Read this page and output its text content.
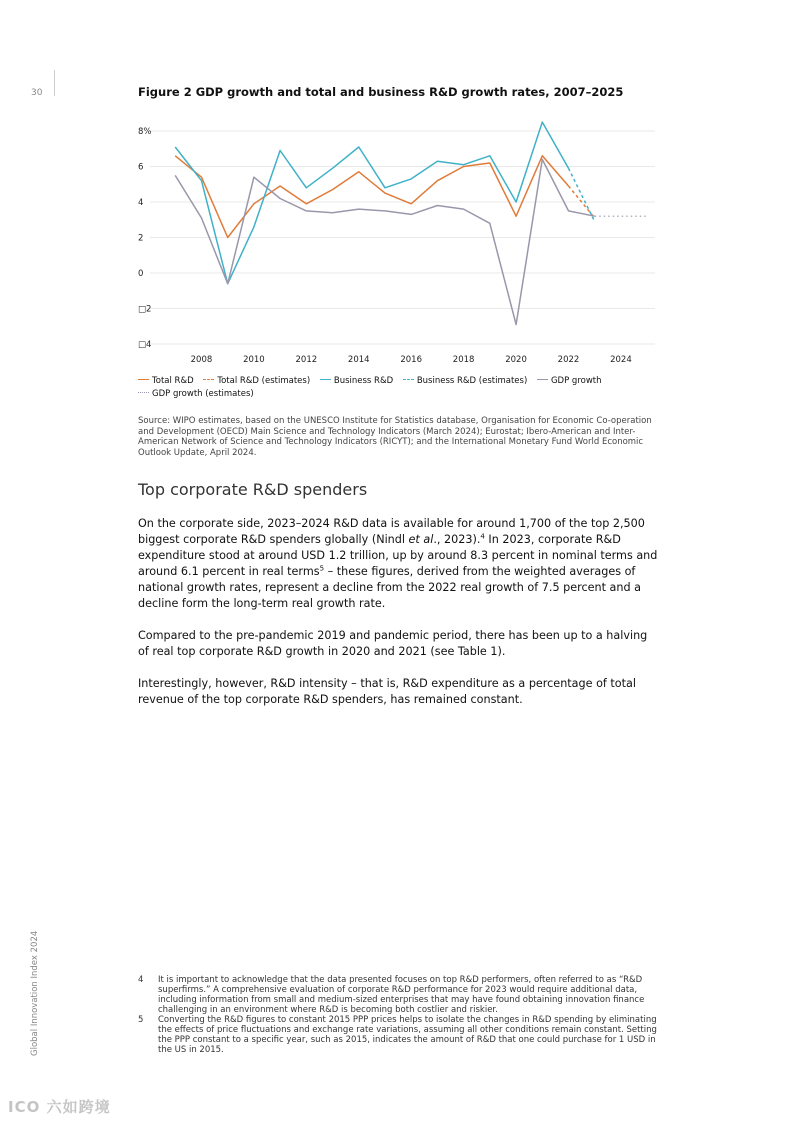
30
Global Innovation Index 2024
Figure 2 GDP growth and total and business R&D growth rates, 2007–2025
8%
6
4
2
0
□2
□4
2008	2010	2012	2014	2016	2018	2020	2022	2024
Total R&D	Total R&D (estimates)	Business R&D	Business R&D (estimates)	GDP growth GDP growth (estimates)
Source: WIPO estimates, based on the UNESCO Institute for Statistics database, Organisation for Economic Co-operation and Development (OECD) Main Science and Technology Indicators (March 2024); Eurostat; Ibero-American and Inter-American Network of Science and Technology Indicators (RICYT); and the International Monetary Fund World Economic Outlook Update, April 2024.
Top corporate R&D spenders

On the corporate side, 2023–2024 R&D data is available for around 1,700 of the top 2,500 biggest corporate R&D spenders globally (Nindl et al., 2023).$^4$ In 2023, corporate R&D expenditure stood at around USD 1.2 trillion, up by around 8.3 percent in nominal terms and around 6.1 percent in real terms$^5$ – these figures, derived from the weighted averages of national growth rates, represent a decline from the 2022 real growth of 7.5 percent and a decline form the long-term real growth rate.

Compared to the pre-pandemic 2019 and pandemic period, there has been up to a halving of real top corporate R&D growth in 2020 and 2021 (see Table 1).

Interestingly, however, R&D intensity – that is, R&D expenditure as a percentage of total revenue of the top corporate R&D spenders, has remained constant.

4	It is important to acknowledge that the data presented focuses on top R&D performers, often referred to as “R&D superfirms.” A comprehensive evaluation of corporate R&D performance for 2023 would require additional data, including information from small and medium-sized enterprises that may have found obtaining innovation finance challenging in an environment where R&D is becoming both costlier and riskier.
5	Converting the R&D figures to constant 2015 PPP prices helps to isolate the changes in R&D spending by eliminating the effects of price fluctuations and exchange rate variations, assuming all other conditions remain constant. Setting the PPP constant to a specific year, such as 2015, indicates the amount of R&D that one could purchase for 1 USD in the US in 2015.
ICO 六如跨境
